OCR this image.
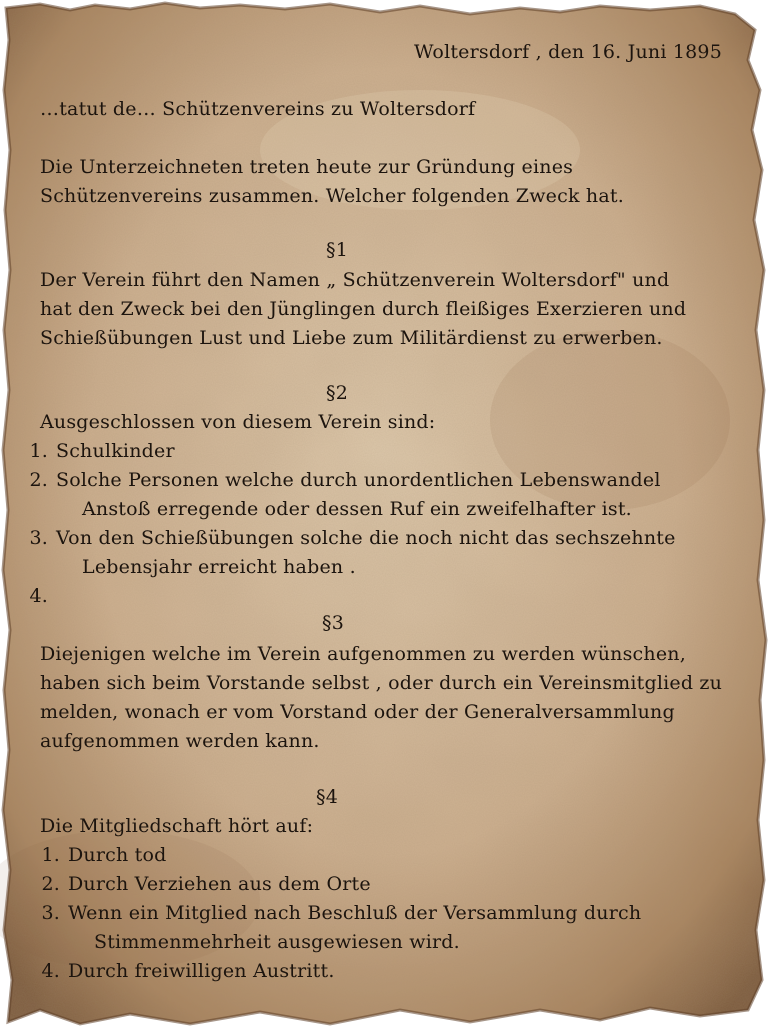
Woltersdorf , den 16. Juni 1895
…tatut de… Schützenvereins zu Woltersdorf
Die Unterzeichneten treten heute zur Gründung eines
Schützenvereins zusammen. Welcher folgenden Zweck hat.
§1
Der Verein führt den Namen „ Schützenverein Woltersdorf" und
hat den Zweck bei den Jünglingen durch fleißiges Exerzieren und
Schießübungen Lust und Liebe zum Militärdienst zu erwerben.
§2
Ausgeschlossen von diesem Verein sind:
1. Schulkinder
2. Solche Personen welche durch unordentlichen Lebenswandel
Anstoß erregende oder dessen Ruf ein zweifelhafter ist.
3. Von den Schießübungen solche die noch nicht das sechszehnte
Lebensjahr erreicht haben .
4.
§3
Diejenigen welche im Verein aufgenommen zu werden wünschen,
haben sich beim Vorstande selbst , oder durch ein Vereinsmitglied zu
melden, wonach er vom Vorstand oder der Generalversammlung
aufgenommen werden kann.
§4
Die Mitgliedschaft hört auf:
1. Durch tod
2. Durch Verziehen aus dem Orte
3. Wenn ein Mitglied nach Beschluß der Versammlung durch
Stimmenmehrheit ausgewiesen wird.
4. Durch freiwilligen Austritt.
